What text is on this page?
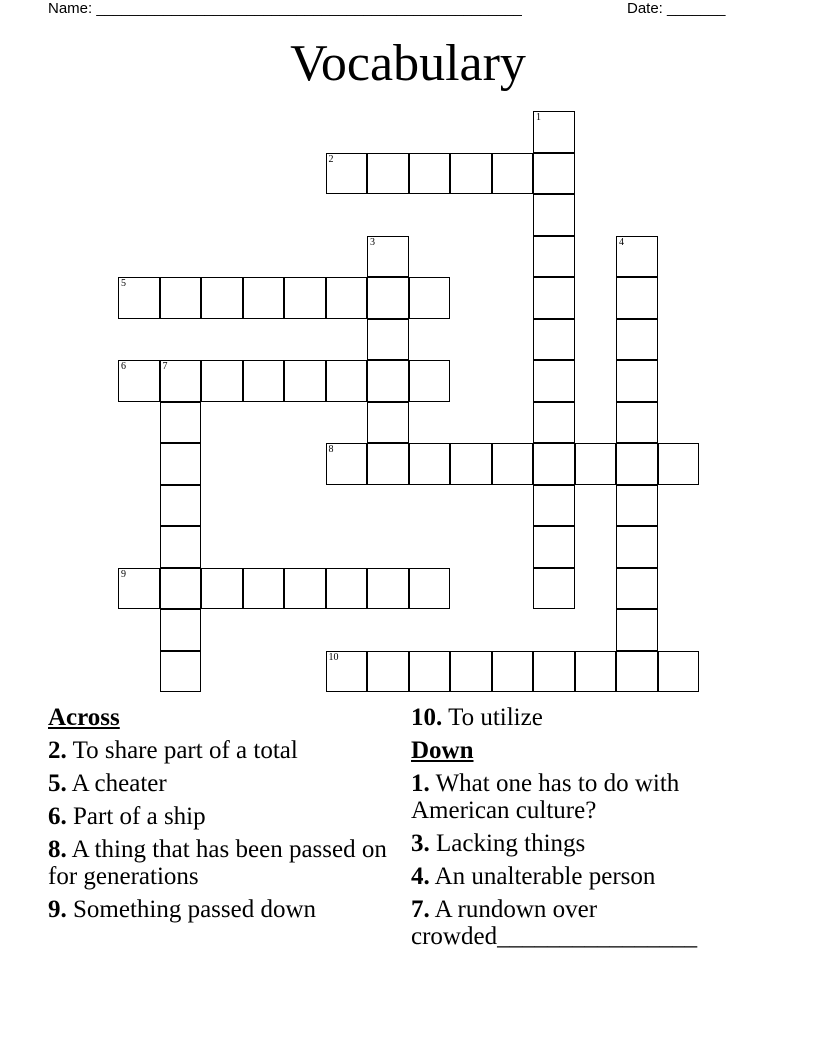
Name: ___________________________________________________	Date: _______
Vocabulary
1
2
3	4
5
6	7
8
9
10
Across
2. To share part of a total
5. A cheater
6. Part of a ship
8. A thing that has been passed on for generations
9. Something passed down
10. To utilize
Down
1. What one has to do with American culture?
3. Lacking things
4. An unalterable person
7. A rundown over crowded________________
